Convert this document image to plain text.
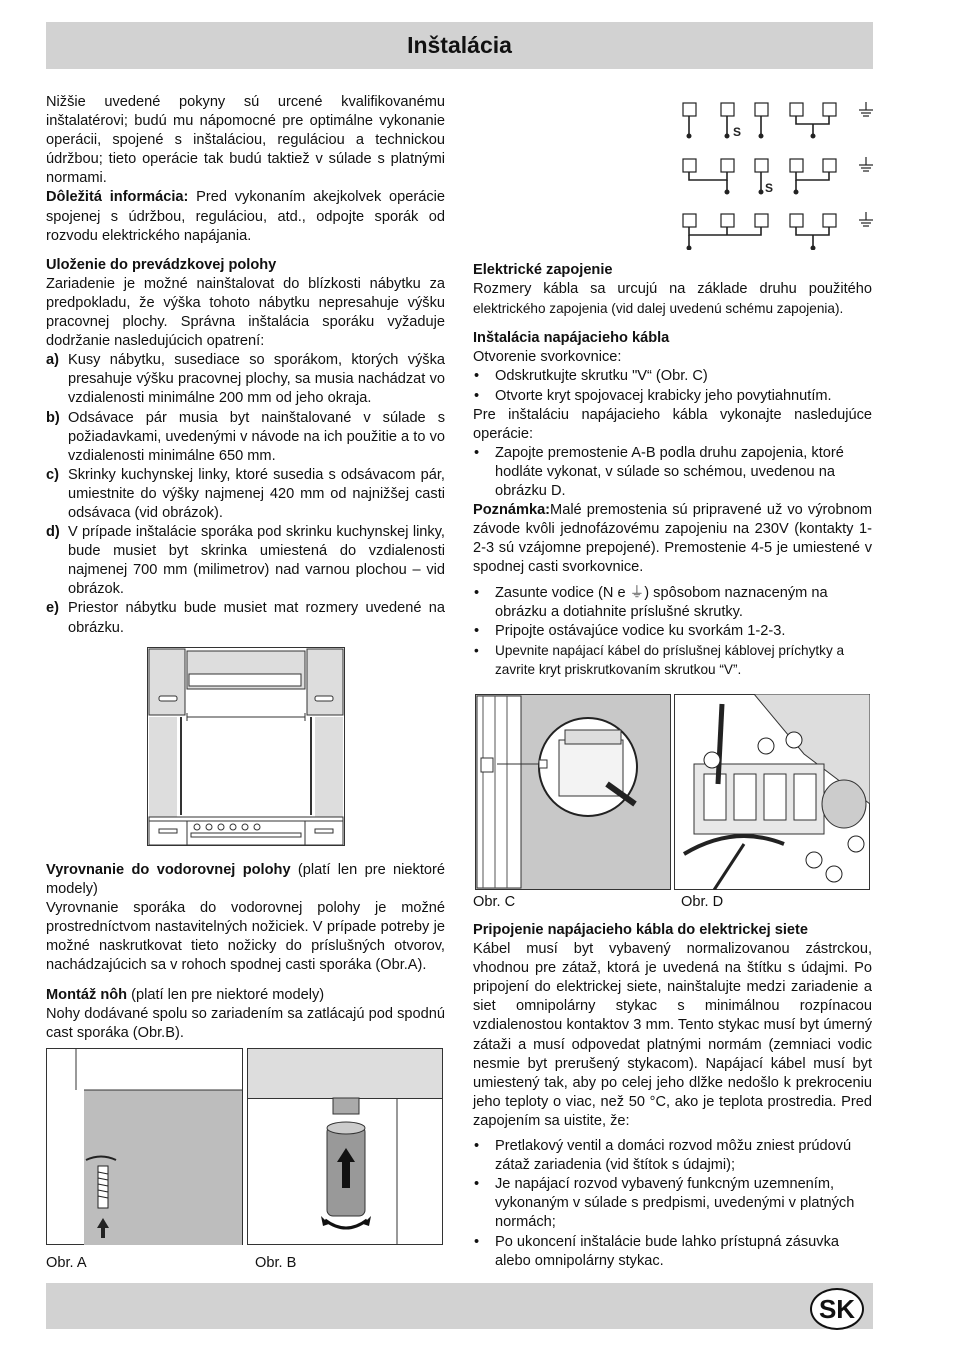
Inštalácia

Nižšie uvedené pokyny sú urcené kvalifikovanému inštalatérovi; budú mu nápomocné pre optimálne vykonanie operácii, spojené s inštaláciou, reguláciou a technickou údržbou; tieto operácie tak budú taktiež v súlade s platnými normami.

Dôležitá informácia: Pred vykonaním akejkolvek operácie spojenej s údržbou, reguláciou, atd., odpojte sporák od rozvodu elektrického napájania.

Uloženie do prevádzkovej polohy

Zariadenie je možné nainštalovat do blízkosti nábytku za predpokladu, že výška tohoto nábytku nepresahuje výšku pracovnej plochy. Správna inštalácia sporáku vyžaduje dodržanie nasledujúcich opatrení:

a) Kusy nábytku, susediace so sporákom, ktorých výška presahuje výšku pracovnej plochy, sa musia nachádzat vo vzdialenosti minimálne 200 mm od jeho okraja.
b) Odsávace pár musia byt nainštalované v súlade s požiadavkami, uvedenými v návode na ich použitie a to vo vzdialenosti minimálne 650 mm.
c) Skrinky kuchynskej linky, ktoré susedia s odsávacom pár, umiestnite do výšky najmenej 420 mm od najnižšej casti odsávaca (vid obrázok).
d) V prípade inštalácie sporáka pod skrinku kuchynskej linky, bude musiet byt skrinka umiestená do vzdialenosti najmenej 700 mm (milimetrov) nad varnou plochou – vid obrázok.
e) Priestor nábytku bude musiet mat rozmery uvedené na obrázku.

Vyrovnanie do vodorovnej polohy (platí len pre niektoré modely)

Vyrovnanie sporáka do vodorovnej polohy je možné prostredníctvom nastavitelných nožiciek. V prípade potreby je možné naskrutkovat tieto nožicky do príslušných otvorov, nachádzajúcich sa v rohoch spodnej casti sporáka (Obr.A).

Montáž nôh (platí len pre niektoré modely)

Nohy dodávané spolu so zariadením sa zatlácajú pod spodnú cast sporáka (Obr.B).

Obr. A	Obr. B
S
S

Elektrické zapojenie

Rozmery kábla sa urcujú na základe druhu použitého elektrického zapojenia (vid dalej uvedenú schému zapojenia).

Inštalácia napájacieho kábla

Otvorenie svorkovnice:

• Odskrutkujte skrutku "V“ (Obr. C)
• Otvorte kryt spojovacej krabicky jeho povytiahnutím.

Pre inštaláciu napájacieho kábla vykonajte nasledujúce operácie:

• Zapojte premostenie A-B podla druhu zapojenia, ktoré hodláte vykonat, v súlade so schémou, uvedenou na obrázku D.

Poznámka:Malé premostenia sú pripravené už vo výrobnom závode kvôli jednofázovému zapojeniu na 230V (kontakty 1-2-3 sú vzájomne prepojené). Premostenie 4-5 je umiestené v spodnej casti svorkovnice.

• Zasunte vodice (N e ⏚) spôsobom naznaceným na obrázku a dotiahnite príslušné skrutky.
• Pripojte ostávajúce vodice ku svorkám 1-2-3.
• Upevnite napájací kábel do príslušnej káblovej príchytky a zavrite kryt priskrutkovaním skrutkou “V”.
Obr. C	Obr. D

Pripojenie napájacieho kábla do elektrickej siete

Kábel musí byt vybavený normalizovanou zástrckou, vhodnou pre zátaž, ktorá je uvedená na štítku s údajmi. Po pripojení do elektrickej siete, nainštalujte medzi zariadenie a siet omnipolárny stykac s minimálnou rozpínacou vzdialenostou kontaktov 3 mm. Tento stykac musí byt úmerný zátaži a musí odpovedat platnými normám (zemniaci vodic nesmie byt prerušený stykacom). Napájací kábel musí byt umiestený tak, aby po celej jeho dlžke nedošlo k prekroceniu jeho teploty o viac, než 50 °C, ako je teplota prostredia. Pred zapojením sa uistite, že:

• Pretlakový ventil a domáci rozvod môžu zniest prúdovú zátaž zariadenia (vid štítok s údajmi);
• Je napájací rozvod vybavený funkcným uzemnením, vykonaným v súlade s predpismi, uvedenými v platných normách;
• Po ukoncení inštalácie bude lahko prístupná zásuvka alebo omnipolárny stykac.
SK
